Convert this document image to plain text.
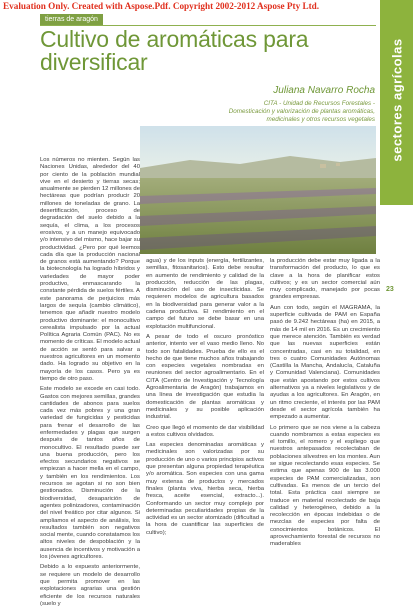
Evaluation Only. Created with Aspose.Pdf. Copyright 2002-2012 Aspose Pty Ltd.
tierras de aragón
Cultivo de aromáticas para
diversificar
Juliana Navarro Rocha
CITA - Unidad de Recursos Forestales -
Domesticación y valorización de plantas aromáticas,
medicinales y otros recursos vegetales sectores agrícolas
23

Los números no mienten. Según las Naciones Unidas, alrededor del 40 por ciento de la población mundial vive en el desierto y tierras secas; anualmente se pierden 12 millones de hectáreas que podrían producir 20 millones de toneladas de grano. La desertificación, proceso de degradación del suelo debido a la sequía, el clima, a los procesos erosivos, y a un manejo equivocado y/o intensivo del mismo, hace bajar su productividad. ¿Pero por qué leemos cada día que la producción nacional de granos está aumentando? Porque la biotecnología ha logrado híbridos y variedades de mayor poder productivo, enmascarando la constante pérdida de suelos fértiles. A este panorama de perjuicios más largos de sequía (cambio climático), tenemos que añadir nuestro modelo productivo dominante: el monocultivo cerealista impulsado por la actual Política Agraria Común (PAC). No es momento de críticas. El modelo actual de acción se sentó para salvar a nuestros agricultores en un momento dado. Ha logrado su objetivo en la mayoría de los casos. Pero ya es tiempo de otro paso.

Este modelo se excede en casi todo. Gastos con mejores semillas, grandes cantidades de abonos para suelos cada vez más pobres y una gran variedad de fungicidas y pesticidas para frenar el desarrollo de las enfermedades y plagas que surgen después de tantos años de monocultivo. El resultado puede ser una buena producción, pero los efectos secundarios negativos se empiezan a hacer mella en el campo, y también en los rendimientos. Los recursos se agotan si no son bien gestionados. Disminución de la biodiversidad, desaparición de agentes polinizadores, contaminación del nivel freático por citar algunos. Si ampliamos el aspecto de análisis, los resultados también son negativos social mente, cuando constatamos los altos niveles de despoblación y la ausencia de incentivos y motivación a los jóvenes agricultores.

Debido a lo expuesto anteriormente, se requiere un modelo de desarrollo que permita promover en las explotaciones agrarias una gestión eficiente de los recursos naturales (suelo y

agua) y de los inputs (energía, fertilizantes, semillas, fitosanitarios). Esto debe resultar en aumento de rendimiento y calidad de la producción, reducción de las plagas, disminución del uso de insecticidas. Se requieren modelos de agricultura basados en la biodiversidad para generar valor a la cadena productiva. El rendimiento en el campo del futuro se debe basar en una explotación multifuncional.

A pesar de todo el oscuro pronóstico anterior, intento ver el vaso medio lleno. No todo son fatalidades. Prueba de ello es el hecho de que tiene muchos años trabajando con especies vegetales nombradas en reuniones del sector agroalimentario. En el CITA (Centro de Investigación y Tecnología Agroalimentaria de Aragón) trabajamos en una línea de investigación que estudia la domesticación de plantas aromáticas y medicinales y su posible aplicación industrial.

Creo que llegó el momento de dar visibilidad a estos cultivos olvidados.

Las especies denominadas aromáticas y medicinales son valorizadas por su producción de uno o varios principios activos que presentan alguna propiedad terapéutica y/o aromática. Son especies con una gama muy extensa de productos y mercados finales (planta viva, hierba seca, hierba fresca, aceite esencial, extracto...). Conformando un sector muy complejo por determinadas peculiaridades propias de la actividad es un sector atomizado (dificultad a la hora de cuantificar las superficies de cultivo);

la producción debe estar muy ligada a la transformación del producto, lo que es clave a la hora de planificar estos cultivos; y es un sector comercial aún muy complicado, manejado por pocas grandes empresas.

Aun con todo, según el MAGRAMA, la superficie cultivada de PAM en España pasó de 9.242 hectáreas (ha) en 2015, a más de 14 mil en 2016. Es un crecimiento que merece atención. También es verdad que las nuevas superficies están concentradas, casi en su totalidad, en tres o cuatro Comunidades Autónomas (Castilla la Mancha, Andalucía, Cataluña y Comunidad Valenciana). Comunidades que están apostando por estos cultivos alternativos ya a niveles legislativos y de ayudas a los agricultores. En Aragón, en un ritmo creciente, el interés por las PAM desde el sector agrícola también ha empezado a aumentar.

Lo primero que se nos viene a la cabeza cuando nombramos a estas especies es el tomillo, el romero y el espliego que nuestros antepasados recolectaban de poblaciones silvestres en los montes. Aun se sigue recolectando esas especies. Se estima que apenas 900 de las 3.000 especies de PAM comercializadas, son cultivadas. Es menos de un tercio del total. Esta práctica casi siempre se traduce en material recolectado de baja calidad y heterogéneo, debido a la recolección en épocas indebidas o de mezclas de especies por falta de conocimientos botánicos. El aprovechamiento forestal de recursos no maderables
